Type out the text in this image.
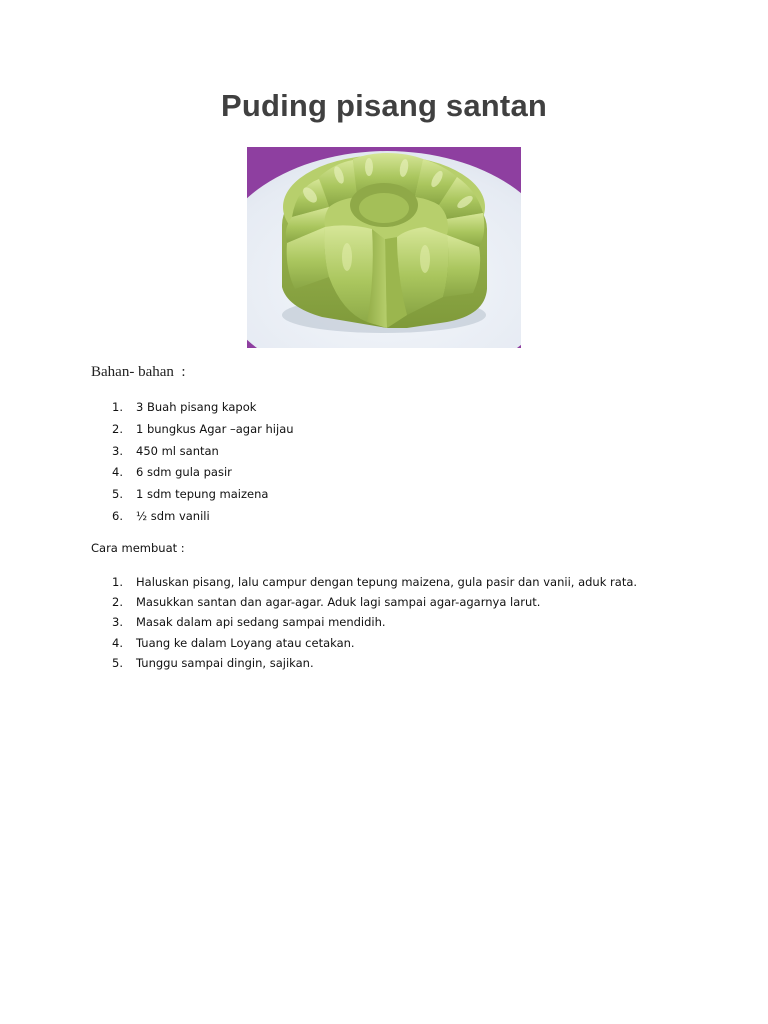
Puding pisang santan
Bahan- bahan  :
1. 3 Buah pisang kapok
2. 1 bungkus Agar –agar hijau
3. 450 ml santan
4. 6 sdm gula pasir
5. 1 sdm tepung maizena
6. ½ sdm vanili
Cara membuat :
1. Haluskan pisang, lalu campur dengan tepung maizena, gula pasir dan vanii, aduk rata.
2. Masukkan santan dan agar-agar. Aduk lagi sampai agar-agarnya larut.
3. Masak dalam api sedang sampai mendidih.
4. Tuang ke dalam Loyang atau cetakan.
5. Tunggu sampai dingin, sajikan.
